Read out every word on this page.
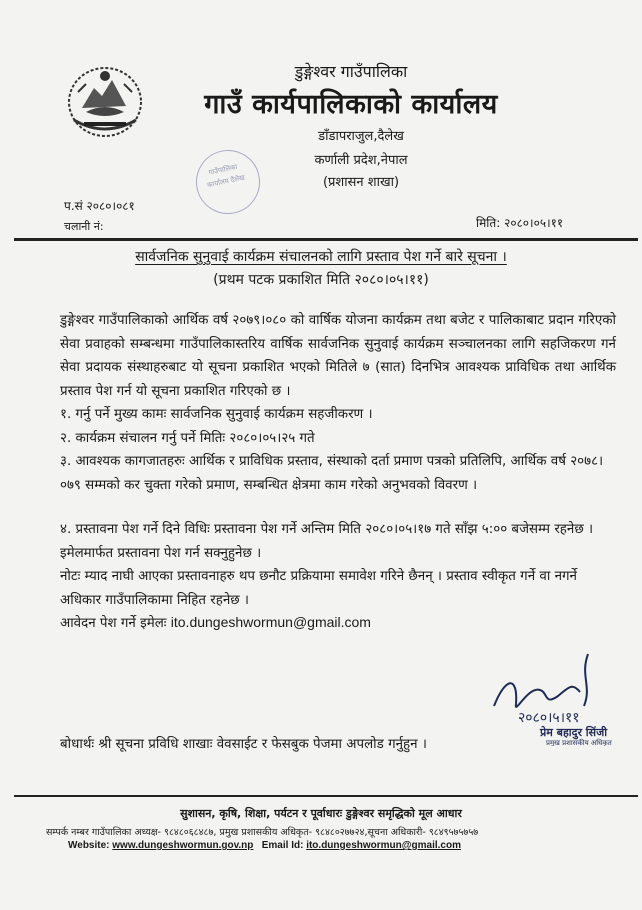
डुङ्गेश्वर गाउँपालिका
गाउँ कार्यपालिकाको कार्यालय
डाँडापराजुल,दैलेख
कर्णाली प्रदेश,नेपाल
(प्रशासन शाखा)
गाउँपालिका
कार्यालय दैलेख
प.सं २०८०।०८१
चलानी नं:	मिति: २०८०।०५।११
सार्वजनिक सुनुवाई कार्यक्रम संचालनको लागि प्रस्ताव पेश गर्ने बारे सूचना ।
(प्रथम पटक प्रकाशित मिति २०८०।०५।११)
डुङ्गेश्वर गाउँपालिकाको आर्थिक वर्ष २०७९।०८० को वार्षिक योजना कार्यक्रम तथा बजेट र पालिकाबाट प्रदान गरिएको सेवा प्रवाहको सम्बन्धमा गाउँपालिकास्तरिय वार्षिक सार्वजनिक सुनुवाई कार्यक्रम सञ्चालनका लागि सहजिकरण गर्न सेवा प्रदायक संस्थाहरुबाट यो सूचना प्रकाशित भएको मितिले ७ (सात) दिनभित्र आवश्यक प्राविधिक तथा आर्थिक प्रस्ताव पेश गर्न यो सूचना प्रकाशित गरिएको छ ।
१. गर्नु पर्ने मुख्य कामः सार्वजनिक सुनुवाई कार्यक्रम सहजीकरण ।
२. कार्यक्रम संचालन गर्नु पर्ने मितिः २०८०।०५।२५ गते
३. आवश्यक कागजातहरुः आर्थिक र प्राविधिक प्रस्ताव, संस्थाको दर्ता प्रमाण पत्रको प्रतिलिपि, आर्थिक वर्ष २०७८।०७९ सम्मको कर चुक्ता गरेको प्रमाण, सम्बन्धित क्षेत्रमा काम गरेको अनुभवको विवरण ।
४. प्रस्तावना पेश गर्ने दिने विधिः प्रस्तावना पेश गर्ने अन्तिम मिति २०८०।०५।१७ गते साँझ ५:०० बजेसम्म रहनेछ । इमेलमार्फत प्रस्तावना पेश गर्न सक्नुहुनेछ ।
नोटः म्याद नाघी आएका प्रस्तावनाहरु थप छनौट प्रक्रियामा समावेश गरिने छैनन् । प्रस्ताव स्वीकृत गर्ने वा नगर्ने अधिकार गाउँपालिकामा निहित रहनेछ ।
आवेदन पेश गर्ने इमेलः ito.dungeshwormun@gmail.com
२०८०।५।११
प्रेम बहादुर सिंजी
प्रमुख प्रशासकीय अधिकृत
बोधार्थः श्री सूचना प्रविधि शाखाः वेवसाईट र फेसबुक पेजमा अपलोड गर्नुहुन ।
सुशासन, कृषि, शिक्षा, पर्यटन र पूर्वाधारः डुङ्गेश्वर समृद्धिको मूल आधार
सम्पर्क नम्बर गाउँपालिका अध्यक्ष- ९८४८०६८४८७, प्रमुख प्रशासकीय अधिकृत- ९८४८०२७७२४,सूचना अधिकारी- ९८४९५७५७५७
Website: www.dungeshwormun.gov.np Email Id: ito.dungeshwormun@gmail.com
